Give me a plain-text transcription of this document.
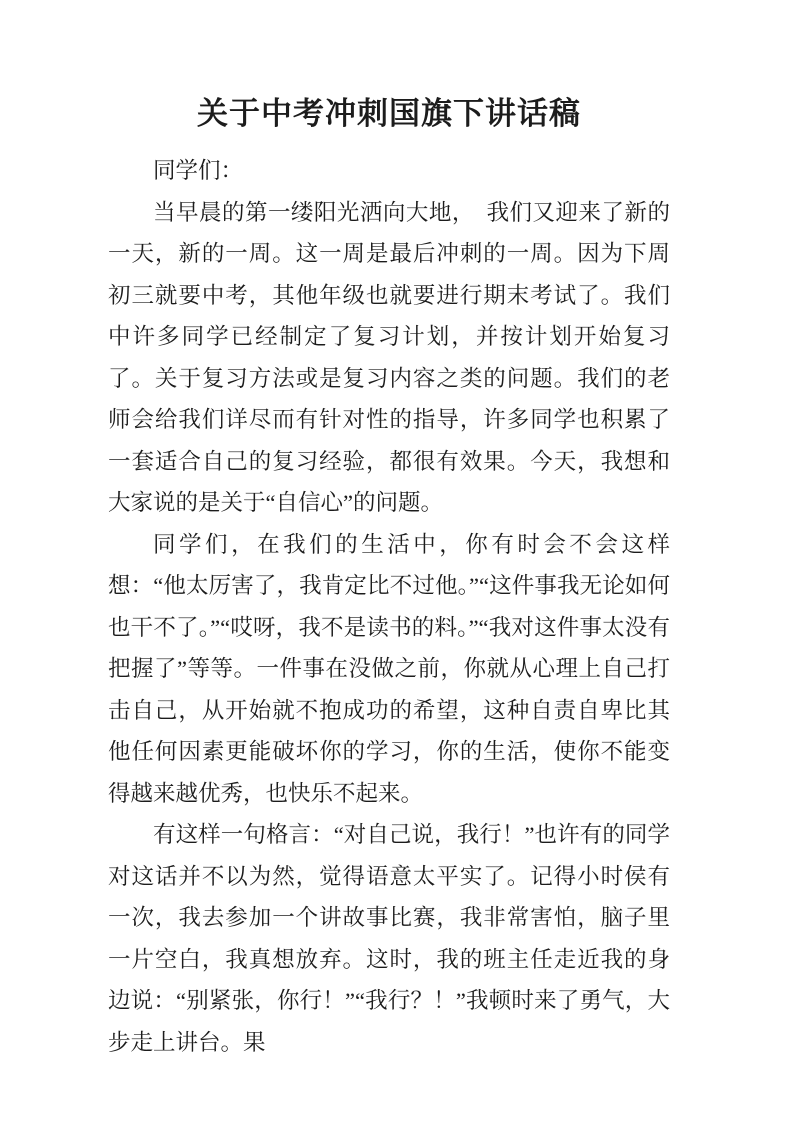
关于中考冲刺国旗下讲话稿

同学们：

当早晨的第一缕阳光洒向大地，　我们又迎来了新的一天，新的一周。这一周是最后冲刺的一周。因为下周初三就要中考，其他年级也就要进行期末考试了。我们中许多同学已经制定了复习计划，并按计划开始复习了。关于复习方法或是复习内容之类的问题。我们的老师会给我们详尽而有针对性的指导，许多同学也积累了一套适合自己的复习经验，都很有效果。今天，我想和大家说的是关于“自信心”的问题。

同学们，在我们的生活中，你有时会不会这样想：“他太厉害了，我肯定比不过他。”“这件事我无论如何也干不了。”“哎呀，我不是读书的料。”“我对这件事太没有把握了”等等。一件事在没做之前，你就从心理上自己打击自己，从开始就不抱成功的希望，这种自责自卑比其他任何因素更能破坏你的学习，你的生活，使你不能变得越来越优秀，也快乐不起来。

有这样一句格言：“对自己说，我行！”也许有的同学对这话并不以为然，觉得语意太平实了。记得小时侯有一次，我去参加一个讲故事比赛，我非常害怕，脑子里一片空白，我真想放弃。这时，我的班主任走近我的身边说：“别紧张，你行！”“我行？！”我顿时来了勇气，大步走上讲台。果
